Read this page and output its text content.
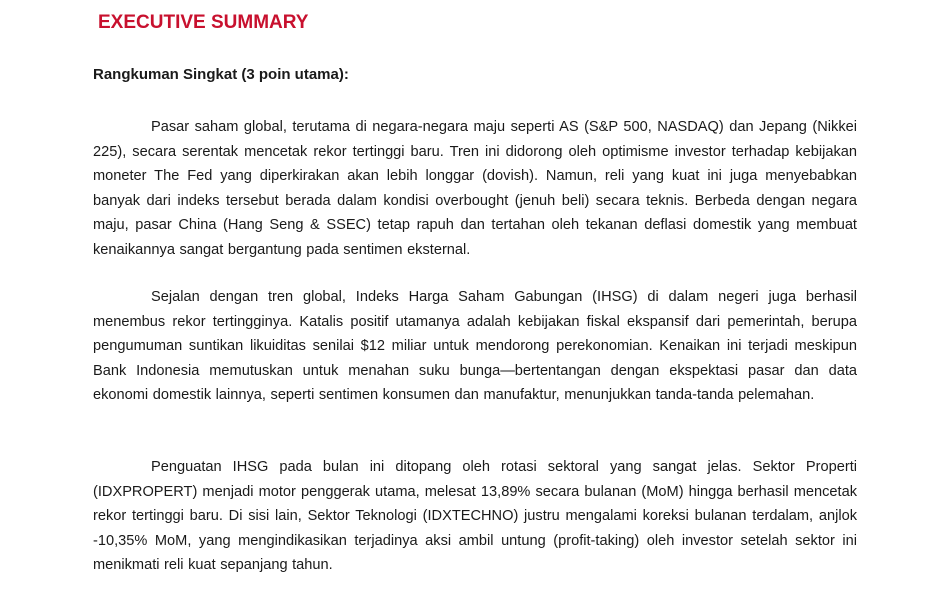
EXECUTIVE SUMMARY
Rangkuman Singkat (3 poin utama):

Pasar saham global, terutama di negara-negara maju seperti AS (S&P 500, NASDAQ) dan Jepang (Nikkei 225), secara serentak mencetak rekor tertinggi baru. Tren ini didorong oleh optimisme investor terhadap kebijakan moneter The Fed yang diperkirakan akan lebih longgar (dovish). Namun, reli yang kuat ini juga menyebabkan banyak dari indeks tersebut berada dalam kondisi overbought (jenuh beli) secara teknis. Berbeda dengan negara maju, pasar China (Hang Seng & SSEC) tetap rapuh dan tertahan oleh tekanan deflasi domestik yang membuat kenaikannya sangat bergantung pada sentimen eksternal.

Sejalan dengan tren global, Indeks Harga Saham Gabungan (IHSG) di dalam negeri juga berhasil menembus rekor tertingginya. Katalis positif utamanya adalah kebijakan fiskal ekspansif dari pemerintah, berupa pengumuman suntikan likuiditas senilai $12 miliar untuk mendorong perekonomian. Kenaikan ini terjadi meskipun Bank Indonesia memutuskan untuk menahan suku bunga—bertentangan dengan ekspektasi pasar dan data ekonomi domestik lainnya, seperti sentimen konsumen dan manufaktur, menunjukkan tanda-tanda pelemahan.

Penguatan IHSG pada bulan ini ditopang oleh rotasi sektoral yang sangat jelas. Sektor Properti (IDXPROPERT) menjadi motor penggerak utama, melesat 13,89% secara bulanan (MoM) hingga berhasil mencetak rekor tertinggi baru. Di sisi lain, Sektor Teknologi (IDXTECHNO) justru mengalami koreksi bulanan terdalam, anjlok -10,35% MoM, yang mengindikasikan terjadinya aksi ambil untung (profit-taking) oleh investor setelah sektor ini menikmati reli kuat sepanjang tahun.
